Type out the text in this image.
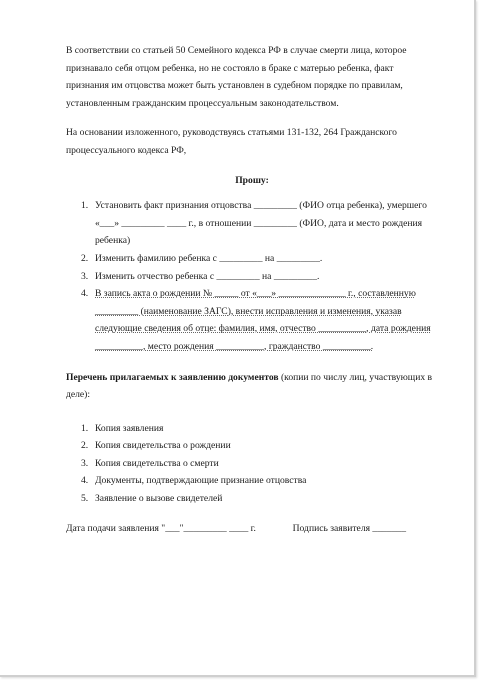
В соответствии со статьей 50 Семейного кодекса РФ в случае смерти лица, которое признавало себя отцом ребенка, но не состояло в браке с матерью ребенка, факт признания им отцовства может быть установлен в судебном порядке по правилам, установленным гражданским процессуальным законодательством.

На основании изложенного, руководствуясь статьями 131-132, 264 Гражданского процессуального кодекса РФ,

Прошу:

1. Установить факт признания отцовства _________ (ФИО отца ребенка), умершего «___» _________ ____ г., в отношении _________ (ФИО, дата и место рождения ребенка)
2. Изменить фамилию ребенка с _________ на _________.
3. Изменить отчество ребенка с _________ на _________.
4. В запись акта о рождении № _____ от «___» ______________ г., составленную _________ (наименование ЗАГС), внести исправления и изменения, указав следующие сведения об отце: фамилия, имя, отчество __________, дата рождения __________, место рождения __________, гражданство __________.

Перечень прилагаемых к заявлению документов (копии по числу лиц, участвующих в деле):

1. Копия заявления
2. Копия свидетельства о рождении
3. Копия свидетельства о смерти
4. Документы, подтверждающие признание отцовства
5. Заявление о вызове свидетелей
Дата подачи заявления "___"_________ ____ г.	Подпись заявителя _______
